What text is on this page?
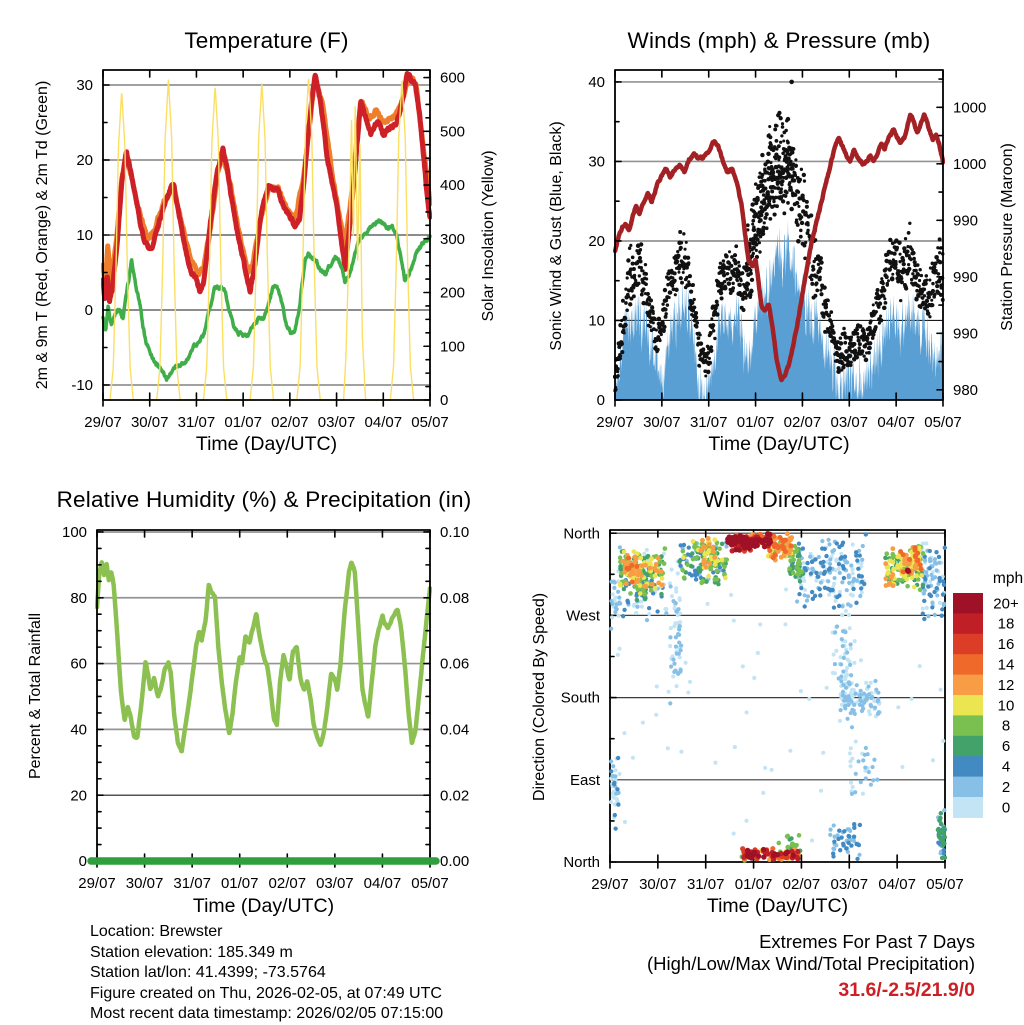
Temperature (F)	Winds (mph) & Pressure (mb)
Relative Humidity (%) & Precipitation (in)	Wind Direction
2m & 9m T (Red, Orange) & 2m Td (Green)	Solar Insolation (Yellow)	Sonic Wind & Gust (Blue, Black)	Station Pressure (Maroon)
Percent & Total Rainfall	Direction (Colored By Speed)
Time (Day/UTC)	Time (Day/UTC)
Time (Day/UTC)	Time (Day/UTC)
mph
Location: Brewster
Station elevation: 185.349 m
Station lat/lon: 41.4399; -73.5764
Figure created on Thu, 2026-02-05, at 07:49 UTC
Most recent data timestamp: 2026/02/05 07:15:00
Extremes For Past 7 Days
(High/Low/Max Wind/Total Precipitation)
31.6/-2.5/21.9/0
